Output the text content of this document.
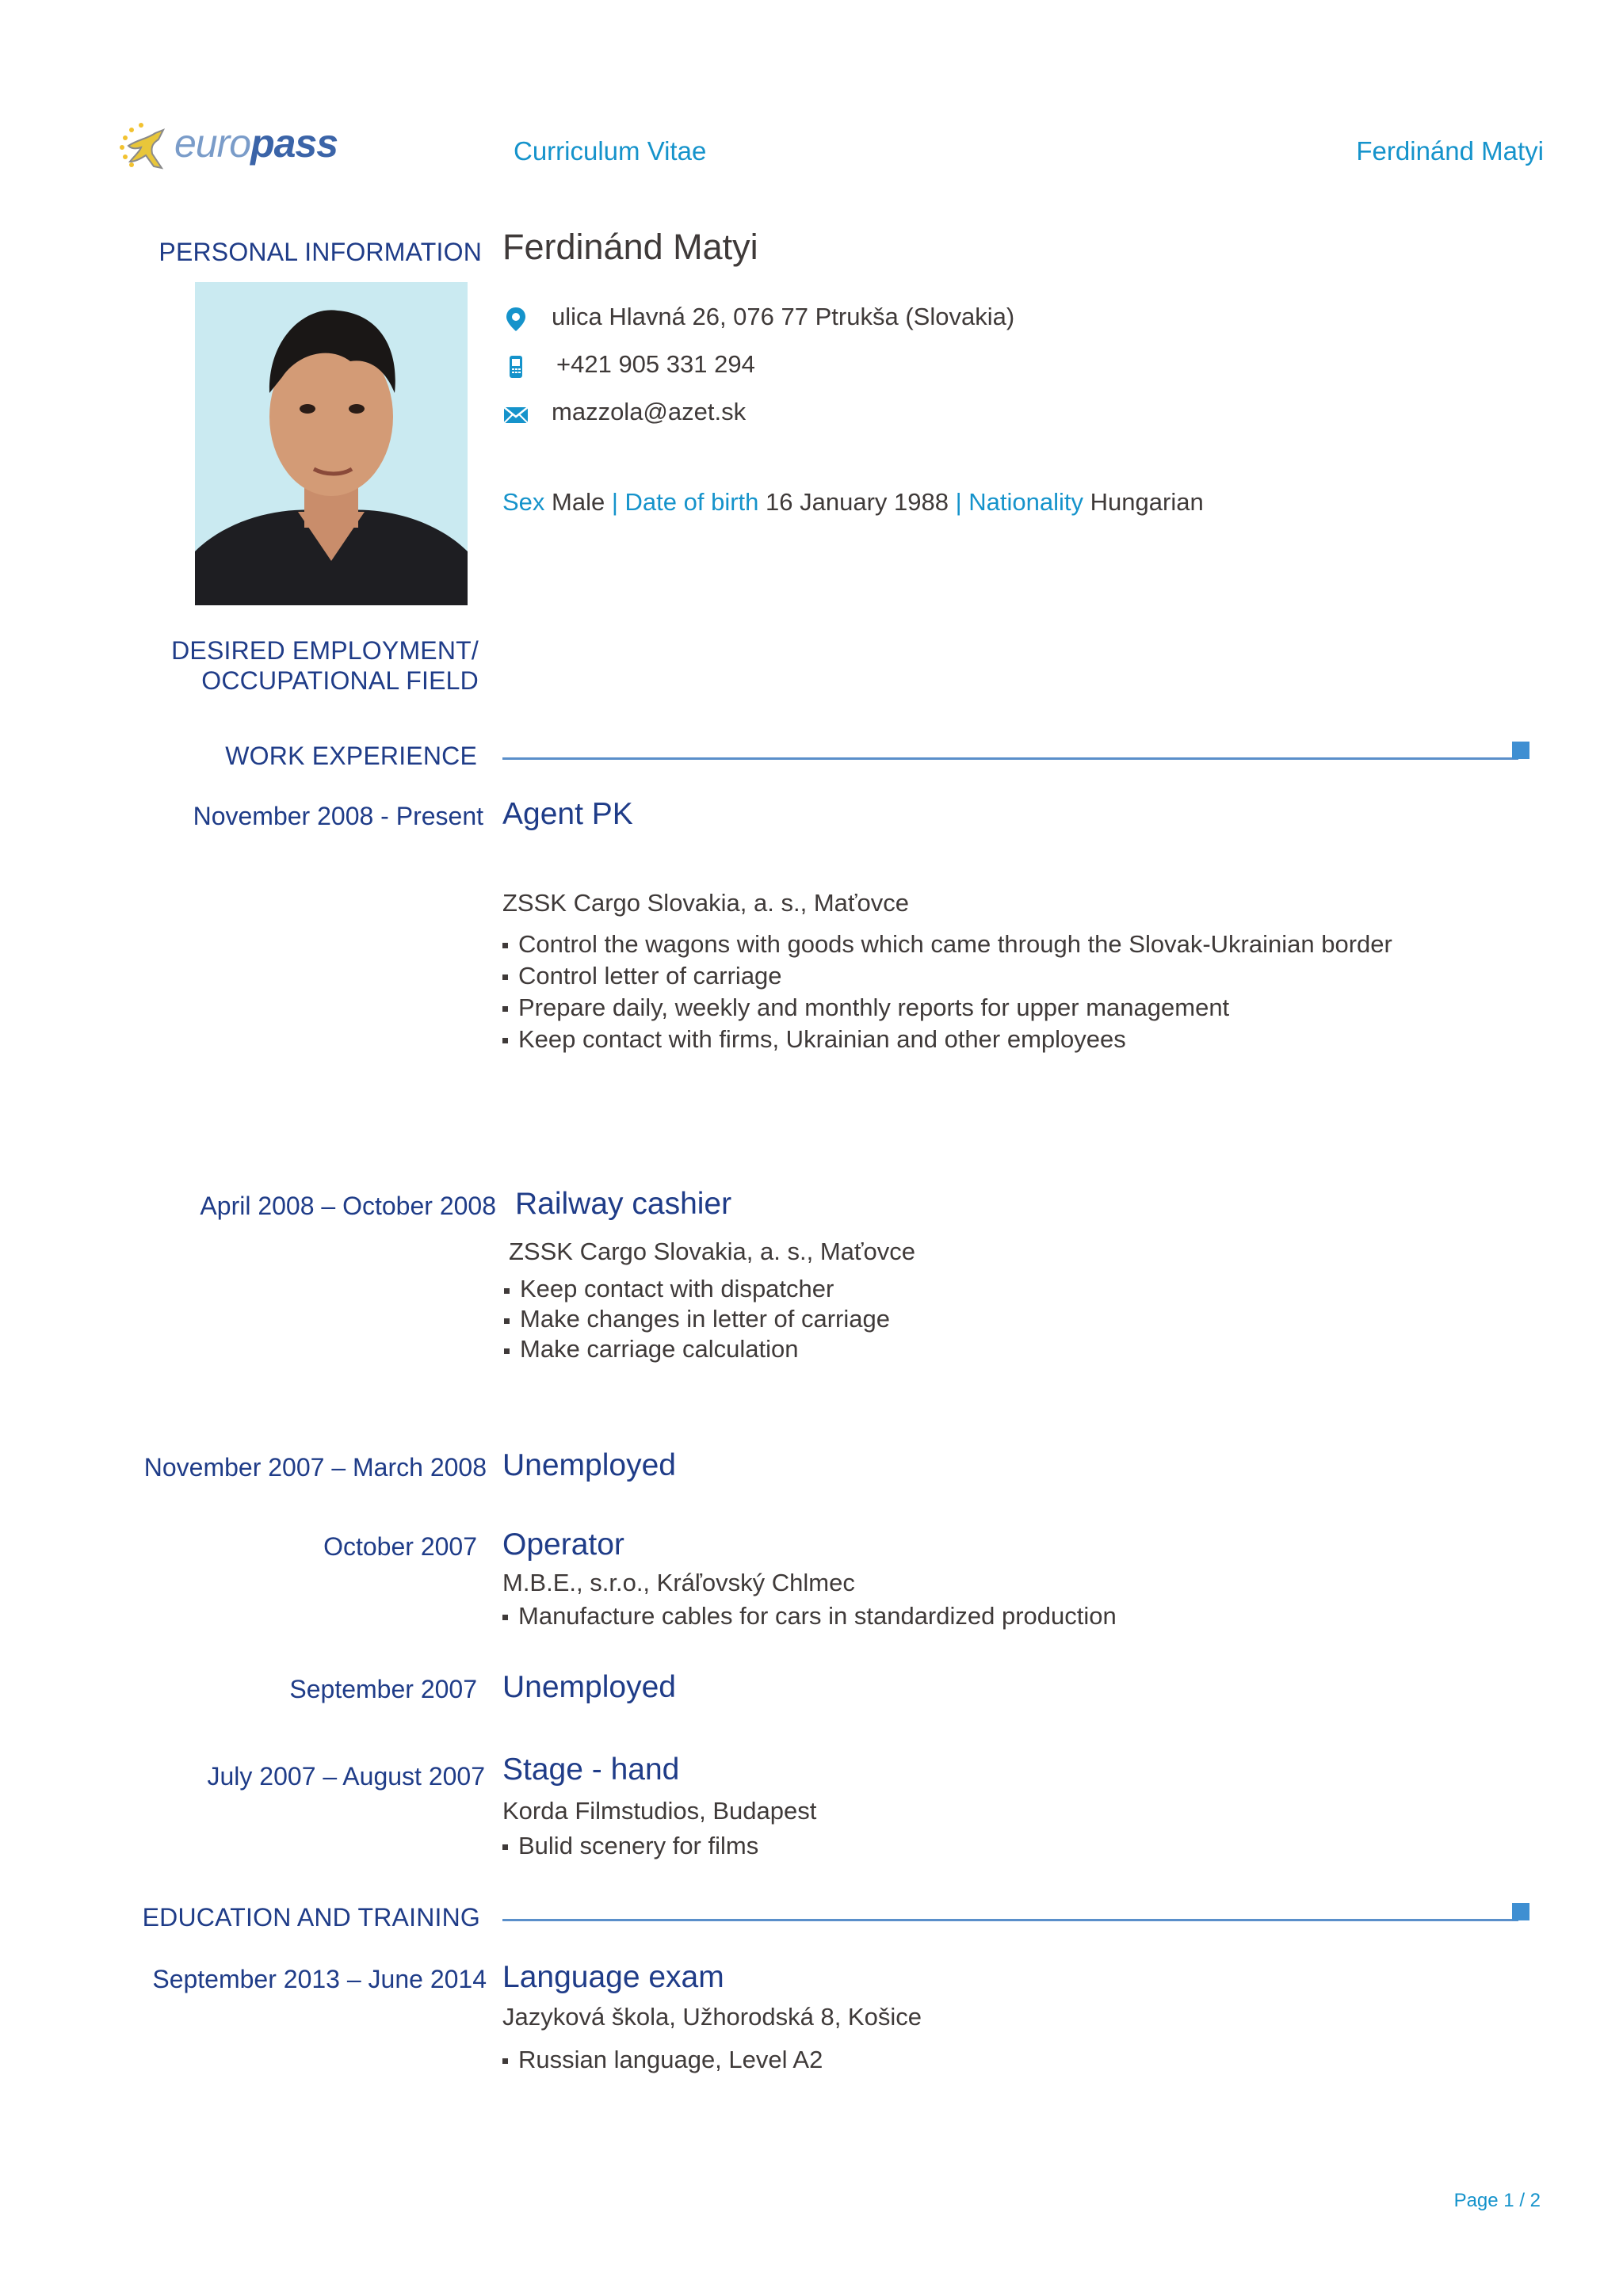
europass	Curriculum Vitae	Ferdinánd Matyi
PERSONAL INFORMATION Ferdinánd Matyi
ulica Hlavná 26, 076 77 Ptrukša (Slovakia)
+421 905 331 294
mazzola@azet.sk
Sex Male | Date of birth 16 January 1988 | Nationality Hungarian
DESIRED EMPLOYMENT/
OCCUPATIONAL FIELD
WORK EXPERIENCE
November 2008 - Present Agent PK
ZSSK Cargo Slovakia, a. s., Maťovce
Control the wagons with goods which came through the Slovak-Ukrainian border
Control letter of carriage
Prepare daily, weekly and monthly reports for upper management
Keep contact with firms, Ukrainian and other employees
April 2008 – October 2008 Railway cashier
ZSSK Cargo Slovakia, a. s., Maťovce
Keep contact with dispatcher
Make changes in letter of carriage
Make carriage calculation
November 2007 – March 2008 Unemployed
October 2007 Operator
M.B.E., s.r.o., Kráľovský Chlmec
Manufacture cables for cars in standardized production
September 2007 Unemployed
July 2007 – August 2007 Stage - hand
Korda Filmstudios, Budapest
Bulid scenery for films
EDUCATION AND TRAINING
September 2013 – June 2014 Language exam
Jazyková škola, Užhorodská 8, Košice
Russian language, Level A2
Page 1 / 2
